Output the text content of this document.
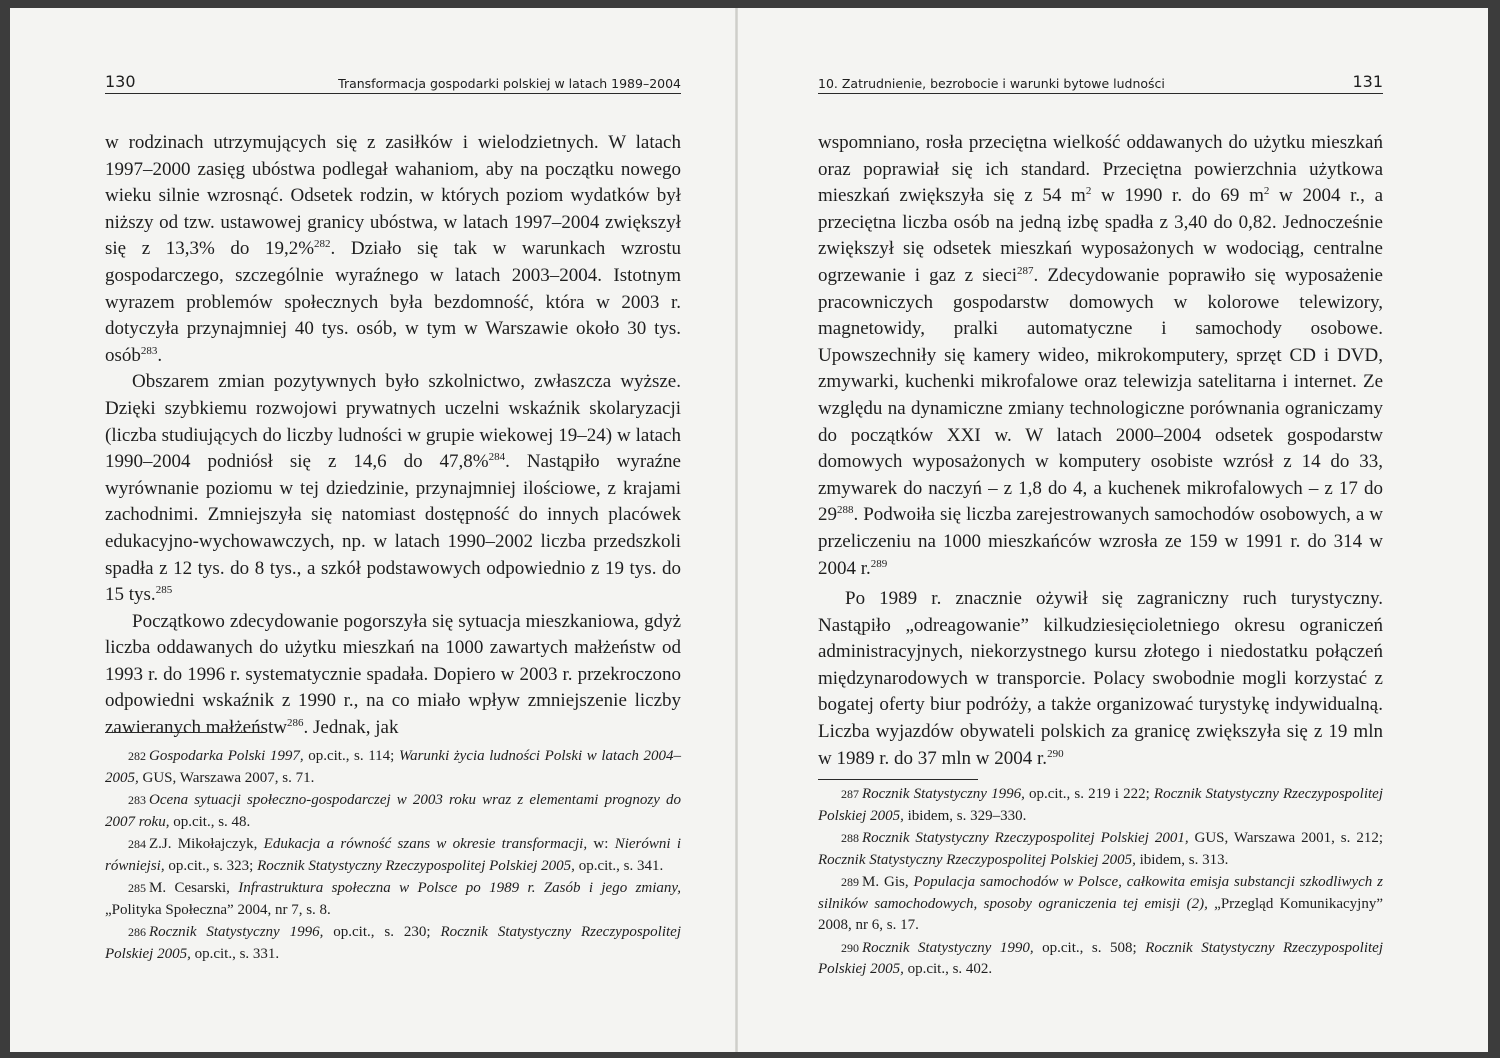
130	Transformacja gospodarki polskiej w latach 1989–2004

w rodzinach utrzymujących się z zasiłków i wielodzietnych. W latach 1997–2000 zasięg ubóstwa podlegał wahaniom, aby na początku nowego wieku silnie wzrosnąć. Odsetek rodzin, w których poziom wydatków był niższy od tzw. ustawowej granicy ubóstwa, w latach 1997–2004 zwiększył się z 13,3% do 19,2%$^{282}$. Działo się tak w warunkach wzrostu gospodarczego, szczególnie wyraźnego w latach 2003–2004. Istotnym wyrazem problemów społecznych była bezdomność, która w 2003 r. dotyczyła przynajmniej 40 tys. osób, w tym w Warszawie około 30 tys. osób$^{283}$.

Obszarem zmian pozytywnych było szkolnictwo, zwłaszcza wyższe. Dzięki szybkiemu rozwojowi prywatnych uczelni wskaźnik skolaryzacji (liczba studiujących do liczby ludności w grupie wiekowej 19–24) w latach 1990–2004 podniósł się z 14,6 do 47,8%$^{284}$. Nastąpiło wyraźne wyrównanie poziomu w tej dziedzinie, przynajmniej ilościowe, z krajami zachodnimi. Zmniejszyła się natomiast dostępność do innych placówek edukacyjno-wychowawczych, np. w latach 1990–2002 liczba przedszkoli spadła z 12 tys. do 8 tys., a szkół podstawowych odpowiednio z 19 tys. do 15 tys.$^{285}$

Początkowo zdecydowanie pogorszyła się sytuacja mieszkaniowa, gdyż liczba oddawanych do użytku mieszkań na 1000 zawartych małżeństw od 1993 r. do 1996 r. systematycznie spadała. Dopiero w 2003 r. przekroczono odpowiedni wskaźnik z 1990 r., na co miało wpływ zmniejszenie liczby zawieranych małżeństw$^{286}$. Jednak, jak

282 Gospodarka Polski 1997, op.cit., s. 114; Warunki życia ludności Polski w latach 2004–2005, GUS, Warszawa 2007, s. 71.

283 Ocena sytuacji społeczno-gospodarczej w 2003 roku wraz z elementami prognozy do 2007 roku, op.cit., s. 48.

284 Z.J. Mikołajczyk, Edukacja a równość szans w okresie transformacji, w: Nierówni i równiejsi, op.cit., s. 323; Rocznik Statystyczny Rzeczypospolitej Polskiej 2005, op.cit., s. 341.

285 M. Cesarski, Infrastruktura społeczna w Polsce po 1989 r. Zasób i jego zmiany, „Polityka Społeczna” 2004, nr 7, s. 8.

286 Rocznik Statystyczny 1996, op.cit., s. 230; Rocznik Statystyczny Rzeczypospolitej Polskiej 2005, op.cit., s. 331.

10. Zatrudnienie, bezrobocie i warunki bytowe ludności	131

wspomniano, rosła przeciętna wielkość oddawanych do użytku mieszkań oraz poprawiał się ich standard. Przeciętna powierzchnia użytkowa mieszkań zwiększyła się z 54 $m^2$ w 1990 r. do 69 $m^2$ w 2004 r., a przeciętna liczba osób na jedną izbę spadła z 3,40 do 0,82. Jednocześnie zwiększył się odsetek mieszkań wyposażonych w wodociąg, centralne ogrzewanie i gaz z sieci$^{287}$. Zdecydowanie poprawiło się wyposażenie pracowniczych gospodarstw domowych w kolorowe telewizory, magnetowidy, pralki automatyczne i samochody osobowe. Upowszechniły się kamery wideo, mikrokomputery, sprzęt CD i DVD, zmywarki, kuchenki mikrofalowe oraz telewizja satelitarna i internet. Ze względu na dynamiczne zmiany technologiczne porównania ograniczamy do początków XXI w. W latach 2000–2004 odsetek gospodarstw domowych wyposażonych w komputery osobiste wzrósł z 14 do 33, zmywarek do naczyń – z 1,8 do 4, a kuchenek mikrofalowych – z 17 do $29^{288}$. Podwoiła się liczba zarejestrowanych samochodów osobowych, a w przeliczeniu na 1000 mieszkańców wzrosła ze 159 w 1991 r. do 314 w 2004 r.$^{289}$

Po 1989 r. znacznie ożywił się zagraniczny ruch turystyczny. Nastąpiło „odreagowanie” kilkudziesięcioletniego okresu ograniczeń administracyjnych, niekorzystnego kursu złotego i niedostatku połączeń międzynarodowych w transporcie. Polacy swobodnie mogli korzystać z bogatej oferty biur podróży, a także organizować turystykę indywidualną. Liczba wyjazdów obywateli polskich za granicę zwiększyła się z 19 mln w 1989 r. do 37 mln w 2004 r.$^{290}$

287 Rocznik Statystyczny 1996, op.cit., s. 219 i 222; Rocznik Statystyczny Rzeczypospolitej Polskiej 2005, ibidem, s. 329–330.

288 Rocznik Statystyczny Rzeczypospolitej Polskiej 2001, GUS, Warszawa 2001, s. 212; Rocznik Statystyczny Rzeczypospolitej Polskiej 2005, ibidem, s. 313.

289 M. Gis, Populacja samochodów w Polsce, całkowita emisja substancji szkodliwych z silników samochodowych, sposoby ograniczenia tej emisji (2), „Przegląd Komunikacyjny” 2008, nr 6, s. 17.

290 Rocznik Statystyczny 1990, op.cit., s. 508; Rocznik Statystyczny Rzeczypospolitej Polskiej 2005, op.cit., s. 402.
